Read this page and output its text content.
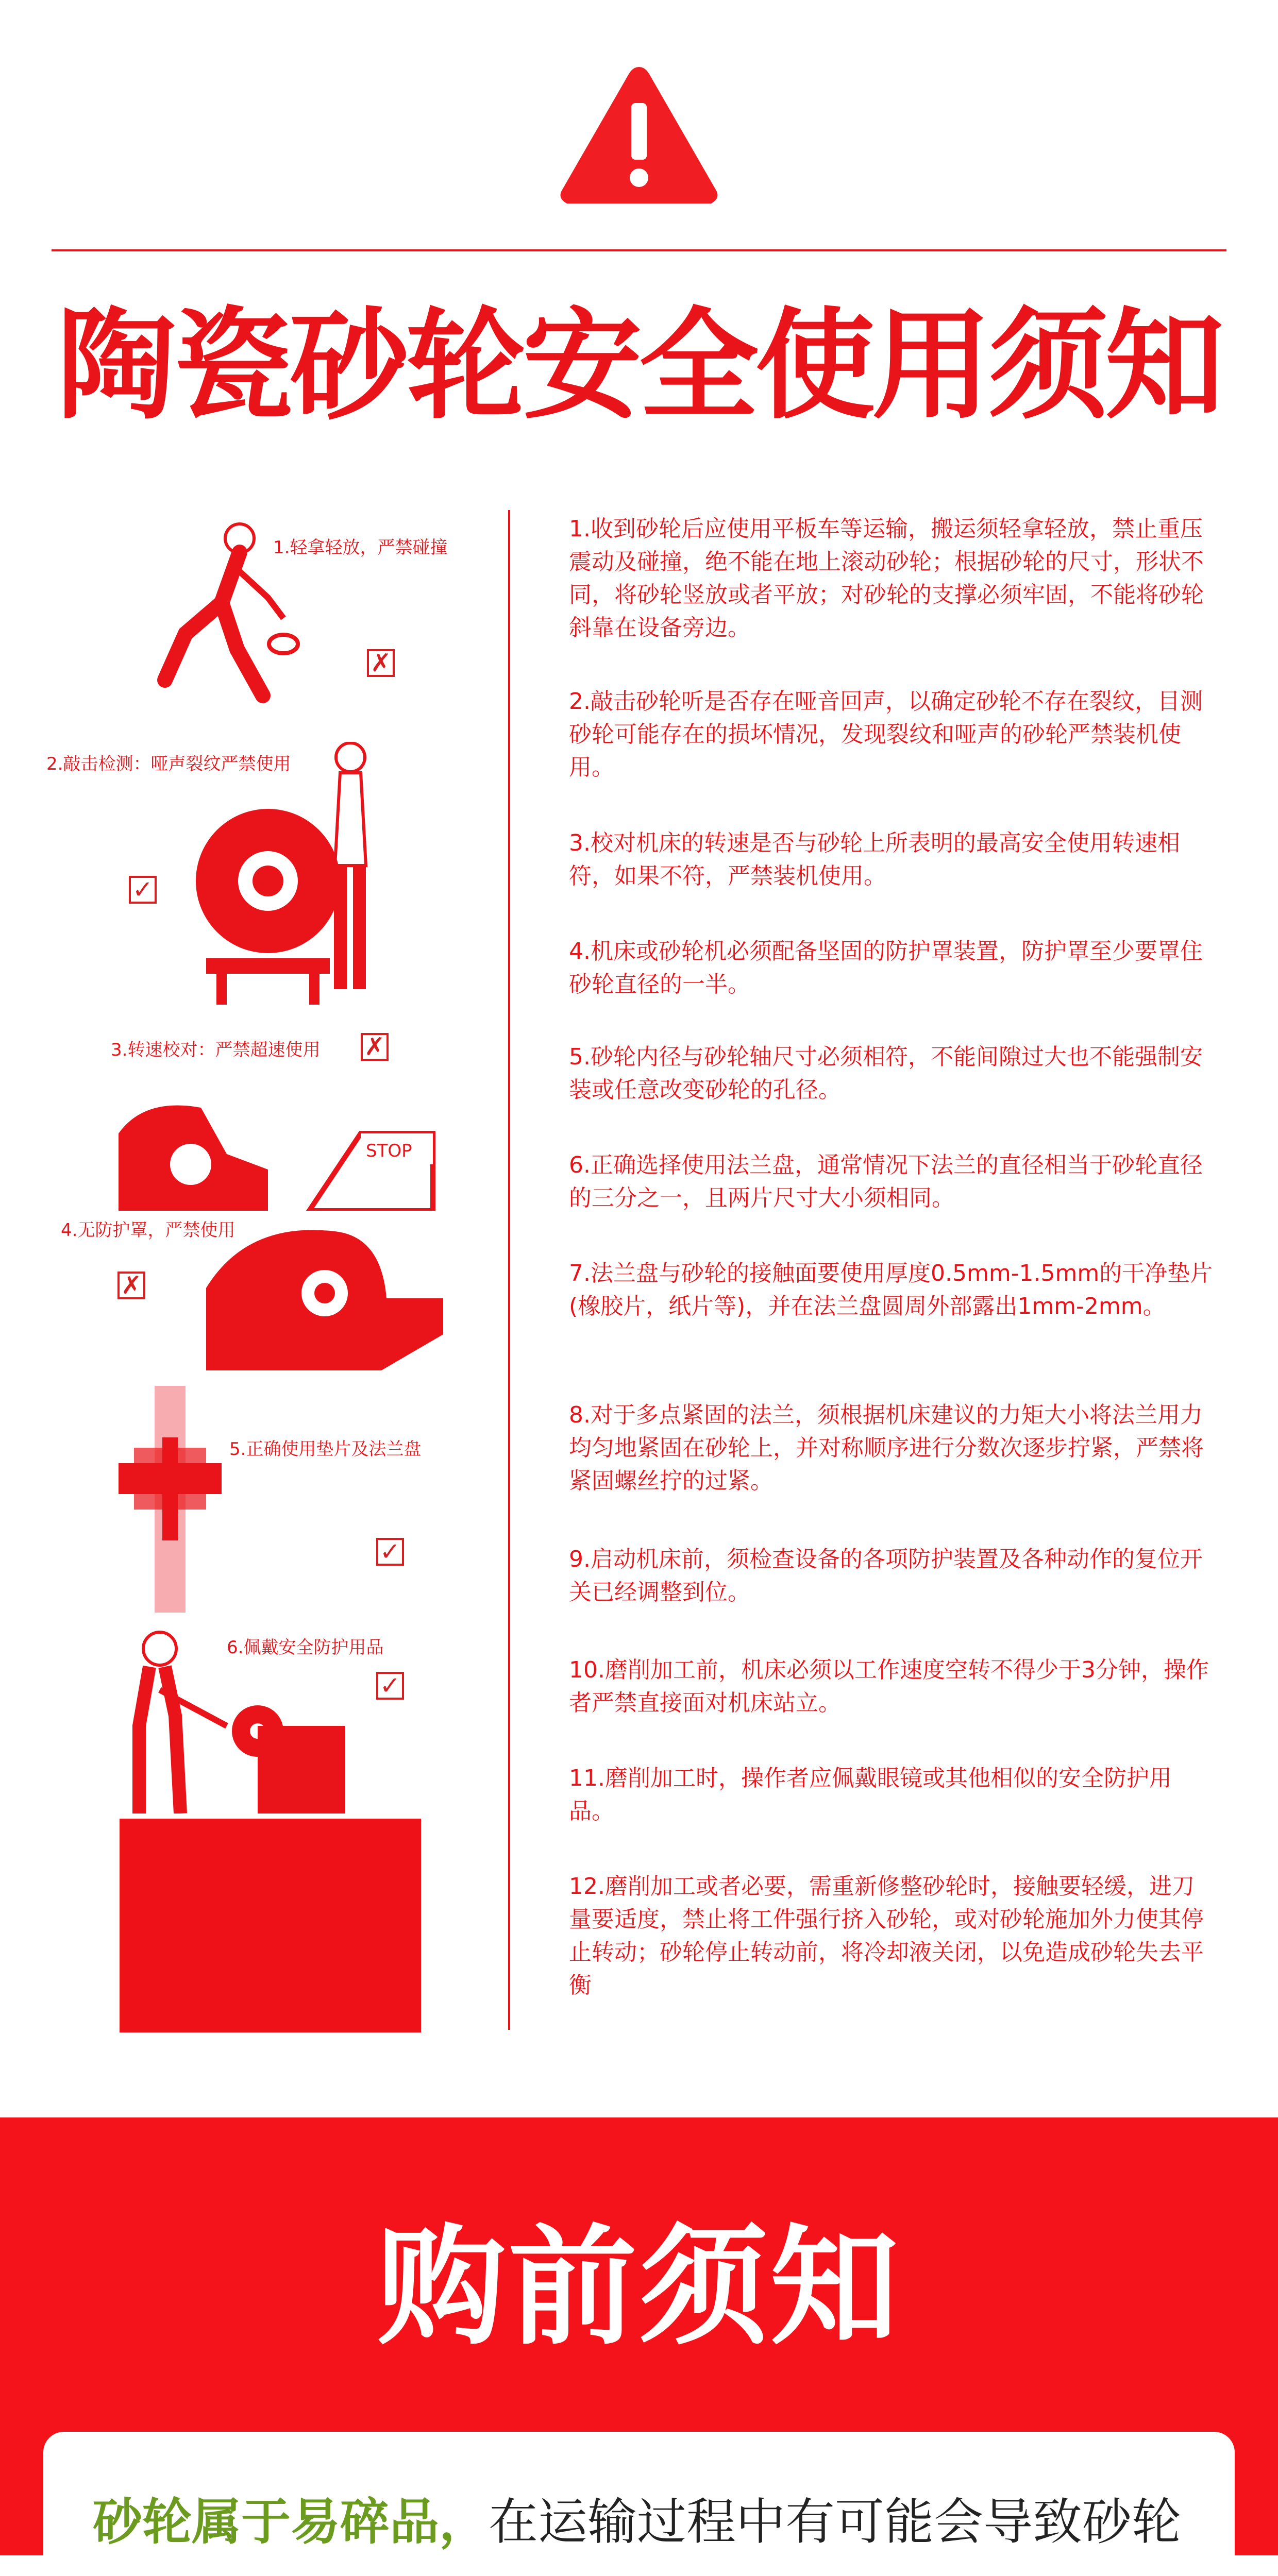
陶瓷砂轮安全使用须知
1.轻拿轻放，严禁碰撞
✗
2.敲击检测：哑声裂纹严禁使用
✓
3.转速校对：严禁超速使用 ✗
STOP
4.无防护罩，严禁使用
✗
5.正确使用垫片及法兰盘
✓
6.佩戴安全防护用品
✓
1.收到砂轮后应使用平板车等运输，搬运须轻拿轻放，禁止重压震动及碰撞，绝不能在地上滚动砂轮；根据砂轮的尺寸，形状不同，将砂轮竖放或者平放；对砂轮的支撑必须牢固，不能将砂轮斜靠在设备旁边。
2.敲击砂轮听是否存在哑音回声，以确定砂轮不存在裂纹，目测砂轮可能存在的损坏情况，发现裂纹和哑声的砂轮严禁装机使用。
3.校对机床的转速是否与砂轮上所表明的最高安全使用转速相符，如果不符，严禁装机使用。
4.机床或砂轮机必须配备坚固的防护罩装置，防护罩至少要罩住砂轮直径的一半。
5.砂轮内径与砂轮轴尺寸必须相符，不能间隙过大也不能强制安装或任意改变砂轮的孔径。
6.正确选择使用法兰盘，通常情况下法兰的直径相当于砂轮直径的三分之一，且两片尺寸大小须相同。
7.法兰盘与砂轮的接触面要使用厚度0.5mm-1.5mm的干净垫片(橡胶片，纸片等)，并在法兰盘圆周外部露出1mm-2mm。
8.对于多点紧固的法兰，须根据机床建议的力矩大小将法兰用力均匀地紧固在砂轮上，并对称顺序进行分数次逐步拧紧，严禁将紧固螺丝拧的过紧。
9.启动机床前，须检查设备的各项防护装置及各种动作的复位开关已经调整到位。
10.磨削加工前，机床必须以工作速度空转不得少于3分钟，操作者严禁直接面对机床站立。
11.磨削加工时，操作者应佩戴眼镜或其他相似的安全防护用品。
12.磨削加工或者必要，需重新修整砂轮时，接触要轻缓，进刀量要适度，禁止将工件强行挤入砂轮，或对砂轮施加外力使其停止转动；砂轮停止转动前，将冷却液关闭，以免造成砂轮失去平衡
购前须知
砂轮属于易碎品，在运输过程中有可能会导致砂轮
